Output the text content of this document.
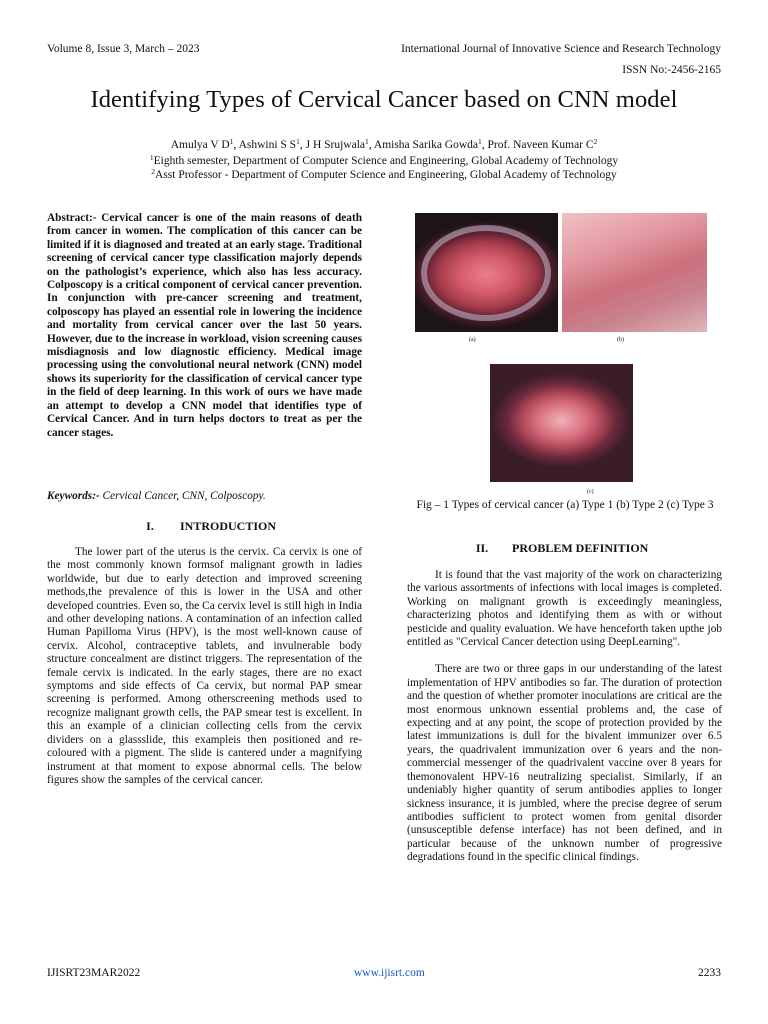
Volume 8, Issue 3, March – 2023	International Journal of Innovative Science and Research Technology
ISSN No:-2456-2165
Identifying Types of Cervical Cancer based on CNN model
Amulya V $D^1$, Ashwini S $S^1$, J H Srujwala$^1$, Amisha Sarika Gowda$^1$, Prof. Naveen Kumar $C^2$
$^1$Eighth semester, Department of Computer Science and Engineering, Global Academy of Technology
$^2$Asst Professor - Department of Computer Science and Engineering, Global Academy of Technology
Abstract:- Cervical cancer is one of the main reasons of death from cancer in women. The complication of this cancer can be limited if it is diagnosed and treated at an early stage. Traditional screening of cervical cancer type classification majorly depends on the pathologist’s experience, which also has less accuracy. Colposcopy is a critical component of cervical cancer prevention. In conjunction with pre-cancer screening and treatment, colposcopy has played an essential role in lowering the incidence and mortality from cervical cancer over the last 50 years. However, due to the increase in workload, vision screening causes misdiagnosis and low diagnostic efficiency. Medical image processing using the convolutional neural network (CNN) model shows its superiority for the classification of cervical cancer type in the field of deep learning. In this work of ours we have made an attempt to develop a CNN model that identifies type of Cervical Cancer. And in turn helps doctors to treat as per the cancer stages.
Keywords:- Cervical Cancer, CNN, Colposcopy.
I. INTRODUCTION

The lower part of the uterus is the cervix. Ca cervix is one of the most commonly known formsof malignant growth in ladies worldwide, but due to early detection and improved screening methods,the prevalence of this is lower in the USA and other developed countries. Even so, the Ca cervix level is still high in India and other developing nations. A contamination of an infection called Human Papilloma Virus (HPV), is the most well-known cause of cervix. Alcohol, contraceptive tablets, and invulnerable body structure concealment are distinct triggers. The representation of the female cervix is indicated. In the early stages, there are no exact symptoms and side effects of Ca cervix, but normal PAP smear screening is performed. Among otherscreening methods used to recognize malignant growth cells, the PAP smear test is excellent. In this an example of a clinician collecting cells from the cervix dividers on a glassslide, this exampleis then positioned and re-coloured with a pigment. The slide is cantered under a magnifying instrument at that moment to expose abnormal cells. The below figures show the samples of the cervical cancer.

(a)	(b)
(c)
Fig – 1 Types of cervical cancer (a) Type 1 (b) Type 2 (c) Type 3
II. PROBLEM DEFINITION

It is found that the vast majority of the work on characterizing the various assortments of infections with local images is completed. Working on malignant growth is exceedingly meaningless, characterizing photos and identifying them as with or without pesticide and quality evaluation. We have henceforth taken upthe job entitled as "Cervical Cancer detection using DeepLearning".

There are two or three gaps in our understanding of the latest implementation of HPV antibodies so far. The duration of protection and the question of whether promoter inoculations are critical are the most enormous unknown essential problems and, the case of expecting and at any point, the scope of protection provided by the latest immunizations is dull for the bivalent immunizer over 6.5 years, the quadrivalent immunization over 6 years and the non-commercial messenger of the quadrivalent vaccine over 8 years for themonovalent HPV-16 neutralizing specialist. Similarly, if an undeniably higher quantity of serum antibodies applies to longer sickness insurance, it is jumbled, where the precise degree of serum antibodies sufficient to protect women from genital disorder (unsusceptible defense interface) has not been defined, and in particular because of the unknown number of progressive degradations found in the specific clinical findings.

IJISRT23MAR2022	www.ijisrt.com	2233
